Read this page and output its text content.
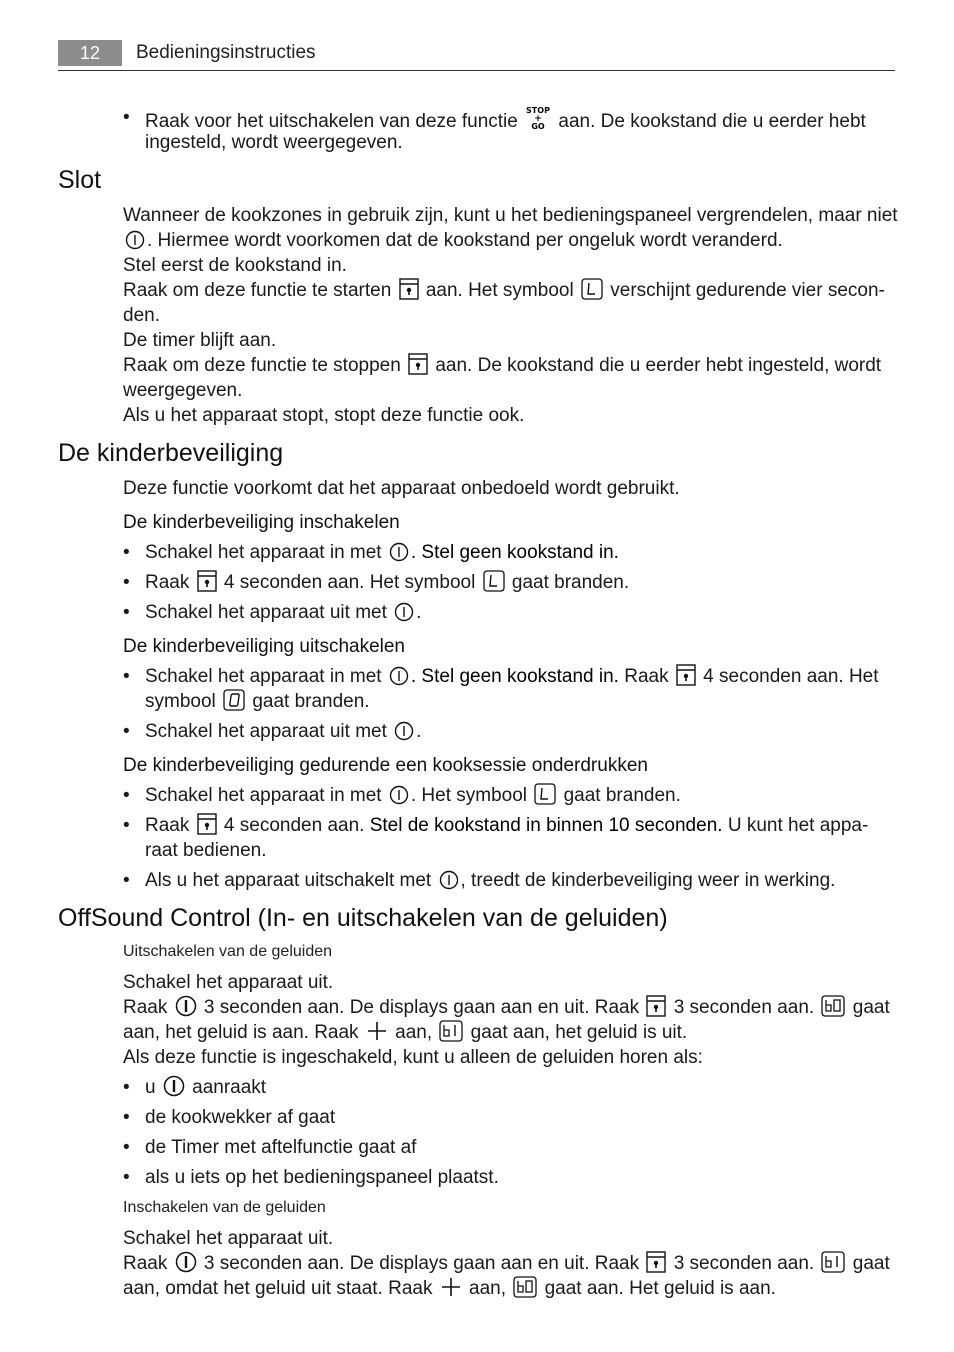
12	Bedieningsinstructies
• Raak voor het uitschakelen van deze functie
STOP
+
GO aan. De kookstand die u eerder hebt
ingesteld, wordt weergegeven.
Slot
Wanneer de kookzones in gebruik zijn, kunt u het bedieningspaneel vergrendelen, maar niet
. Hiermee wordt voorkomen dat de kookstand per ongeluk wordt veranderd.
Stel eerst de kookstand in.
Raak om deze functie te starten aan. Het symbool verschijnt gedurende vier secon-
den.
De timer blijft aan.
Raak om deze functie te stoppen aan. De kookstand die u eerder hebt ingesteld, wordt
weergegeven.
Als u het apparaat stopt, stopt deze functie ook.
De kinderbeveiliging
Deze functie voorkomt dat het apparaat onbedoeld wordt gebruikt.
De kinderbeveiliging inschakelen
• Schakel het apparaat in met . Stel geen kookstand in.
• Raak 4 seconden aan. Het symbool gaat branden.
• Schakel het apparaat uit met .
De kinderbeveiliging uitschakelen
• Schakel het apparaat in met . Stel geen kookstand in. Raak 4 seconden aan. Het
symbool gaat branden.
• Schakel het apparaat uit met .
De kinderbeveiliging gedurende een kooksessie onderdrukken
• Schakel het apparaat in met . Het symbool gaat branden.
• Raak 4 seconden aan. Stel de kookstand in binnen 10 seconden. U kunt het appa-
raat bedienen.
• Als u het apparaat uitschakelt met , treedt de kinderbeveiliging weer in werking.
OffSound Control (In- en uitschakelen van de geluiden)
Uitschakelen van de geluiden
Schakel het apparaat uit.
Raak 3 seconden aan. De displays gaan aan en uit. Raak 3 seconden aan. gaat
aan, het geluid is aan. Raak aan, gaat aan, het geluid is uit.
Als deze functie is ingeschakeld, kunt u alleen de geluiden horen als:
• u aanraakt
• de kookwekker af gaat
• de Timer met aftelfunctie gaat af
• als u iets op het bedieningspaneel plaatst.
Inschakelen van de geluiden
Schakel het apparaat uit.
Raak 3 seconden aan. De displays gaan aan en uit. Raak 3 seconden aan. gaat
aan, omdat het geluid uit staat. Raak aan, gaat aan. Het geluid is aan.
